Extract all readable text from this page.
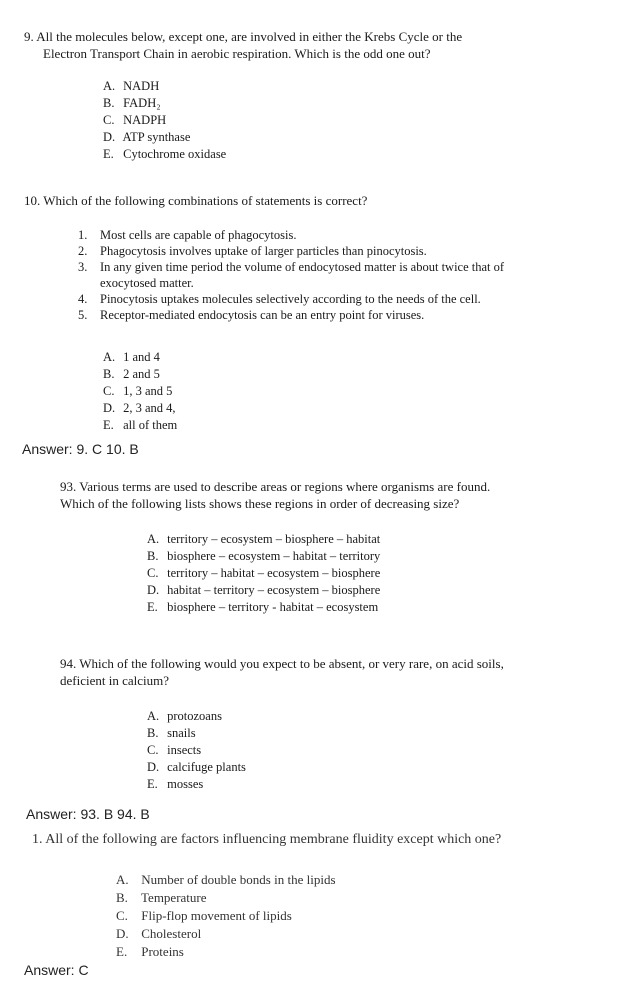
9. All the molecules below, except one, are involved in either the Krebs Cycle or the
Electron Transport Chain in aerobic respiration. Which is the odd one out?
A. NADH
B. FADH₂
C. NADPH
D. ATP synthase
E. Cytochrome oxidase
10. Which of the following combinations of statements is correct?
1. Most cells are capable of phagocytosis.
2. Phagocytosis involves uptake of larger particles than pinocytosis.
3. In any given time period the volume of endocytosed matter is about twice that of
exocytosed matter.
4. Pinocytosis uptakes molecules selectively according to the needs of the cell.
5. Receptor-mediated endocytosis can be an entry point for viruses.
A. 1 and 4
B. 2 and 5
C. 1, 3 and 5
D. 2, 3 and 4,
E. all of them
Answer: 9. C 10. B
93. Various terms are used to describe areas or regions where organisms are found.
Which of the following lists shows these regions in order of decreasing size?
A. territory – ecosystem – biosphere – habitat
B. biosphere – ecosystem – habitat – territory
C. territory – habitat – ecosystem – biosphere
D. habitat – territory – ecosystem – biosphere
E. biosphere – territory ‐ habitat – ecosystem
94. Which of the following would you expect to be absent, or very rare, on acid soils,
deficient in calcium?
A. protozoans
B. snails
C. insects
D. calcifuge plants
E. mosses
Answer: 93. B 94. B
1. All of the following are factors influencing membrane fluidity except which one?
A. Number of double bonds in the lipids
B. Temperature
C. Flip-flop movement of lipids
D. Cholesterol
E. Proteins
Answer: C
